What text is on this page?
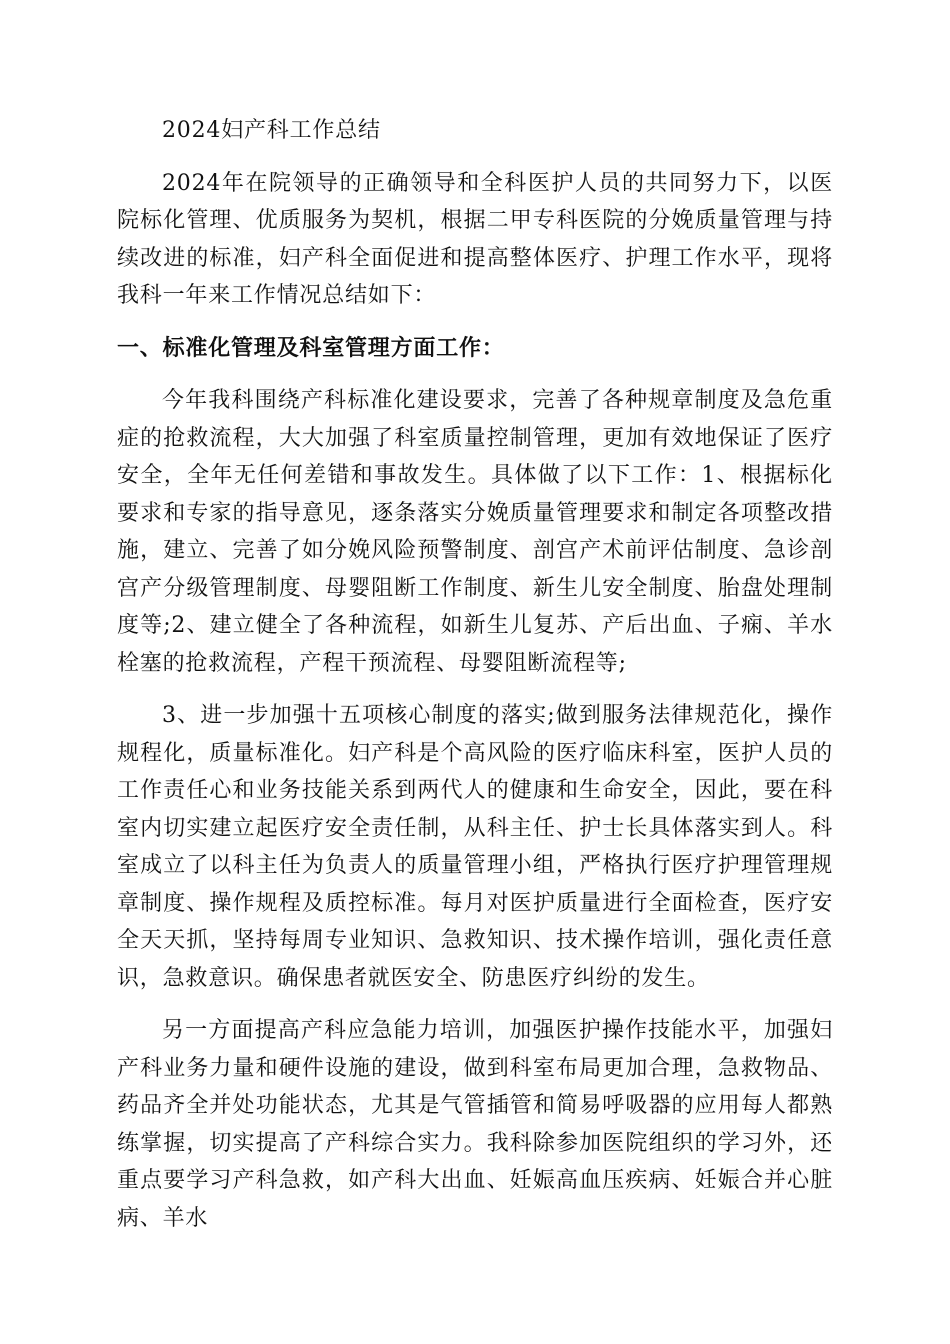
2024妇产科工作总结

2024年在院领导的正确领导和全科医护人员的共同努力下，以医院标化管理、优质服务为契机，根据二甲专科医院的分娩质量管理与持续改进的标准，妇产科全面促进和提高整体医疗、护理工作水平，现将我科一年来工作情况总结如下：

一、标准化管理及科室管理方面工作：

今年我科围绕产科标准化建设要求，完善了各种规章制度及急危重症的抢救流程，大大加强了科室质量控制管理，更加有效地保证了医疗安全，全年无任何差错和事故发生。具体做了以下工作：1、根据标化要求和专家的指导意见，逐条落实分娩质量管理要求和制定各项整改措施，建立、完善了如分娩风险预警制度、剖宫产术前评估制度、急诊剖宫产分级管理制度、母婴阻断工作制度、新生儿安全制度、胎盘处理制度等;2、建立健全了各种流程，如新生儿复苏、产后出血、子痫、羊水栓塞的抢救流程，产程干预流程、母婴阻断流程等;

3、进一步加强十五项核心制度的落实;做到服务法律规范化，操作规程化，质量标准化。妇产科是个高风险的医疗临床科室，医护人员的工作责任心和业务技能关系到两代人的健康和生命安全，因此，要在科室内切实建立起医疗安全责任制，从科主任、护士长具体落实到人。科室成立了以科主任为负责人的质量管理小组，严格执行医疗护理管理规章制度、操作规程及质控标准。每月对医护质量进行全面检查，医疗安全天天抓，坚持每周专业知识、急救知识、技术操作培训，强化责任意识，急救意识。确保患者就医安全、防患医疗纠纷的发生。

另一方面提高产科应急能力培训，加强医护操作技能水平，加强妇产科业务力量和硬件设施的建设，做到科室布局更加合理，急救物品、药品齐全并处功能状态，尤其是气管插管和简易呼吸器的应用每人都熟练掌握，切实提高了产科综合实力。我科除参加医院组织的学习外，还重点要学习产科急救，如产科大出血、妊娠高血压疾病、妊娠合并心脏病、羊水
